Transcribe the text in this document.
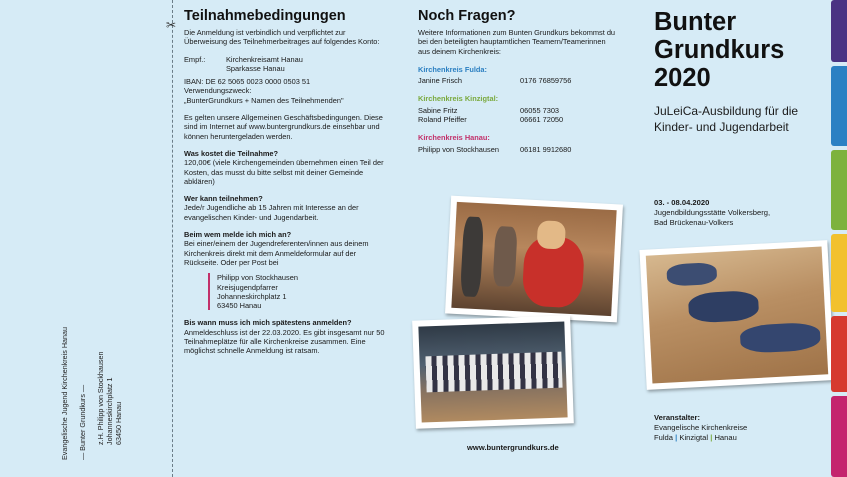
Evangelische Jugend Kirchenkreis Hanau — Bunter Grundkurs — z.H. Philipp von Stockhausen Johanneskirchplatz 1 63450 Hanau
✂
Teilnahmebedingungen

Die Anmeldung ist verbindlich und verpflichtet zur Überweisung des Teilnehmerbeitrages auf folgendes Konto:

Empf.:	Kirchenkreisamt Hanau
Sparkasse Hanau
IBAN: DE 62 5065 0023 0000 0503 51
Verwendungszweck:
„BunterGrundkurs + Namen des Teilnehmenden"

Es gelten unsere Allgemeinen Geschäftsbedingungen. Diese sind im Internet auf www.buntergrundkurs.de einsehbar und können heruntergeladen werden.

Was kostet die Teilnahme?

120,00€ (viele Kirchengemeinden übernehmen einen Teil der Kosten, das musst du bitte selbst mit deiner Gemeinde abklären)

Wer kann teilnehmen?

Jede/r Jugendliche ab 15 Jahren mit Interesse an der evangelischen Kinder- und Jugendarbeit.

Beim wem melde ich mich an?

Bei einer/einem der Jugendreferenten/innen aus deinem Kirchenkreis direkt mit dem Anmeldeformular auf der Rückseite. Oder per Post bei

Philipp von Stockhausen
Kreisjugendpfarrer
Johanneskirchplatz 1
63450 Hanau
Bis wann muss ich mich spätestens anmelden?

Anmeldeschluss ist der 22.03.2020. Es gibt insgesamt nur 50 Teilnahmeplätze für alle Kirchenkreise zusammen. Eine möglichst schnelle Anmeldung ist ratsam.

Noch Fragen?

Weitere Informationen zum Bunten Grundkurs bekommst du bei den beteiligten hauptamtlichen Teamern/Teamerinnen aus deinem Kirchenkreis:

Kirchenkreis Fulda:
Janine Frisch	0176 76859756
Kirchenkreis Kinzigtal:
Sabine Fritz	06055 7303
Roland Pfeiffer	06661 72050
Kirchenkreis Hanau:
Philipp von Stockhausen	06181 9912680
www.buntergrundkurs.de
Bunter
Grundkurs
2020
JuLeiCa-Ausbildung für die
Kinder- und Jugendarbeit
03. - 08.04.2020
Jugendbildungsstätte Volkersberg,
Bad Brückenau-Volkers
Veranstalter:
Evangelische Kirchenkreise
Fulda | Kinzigtal | Hanau
